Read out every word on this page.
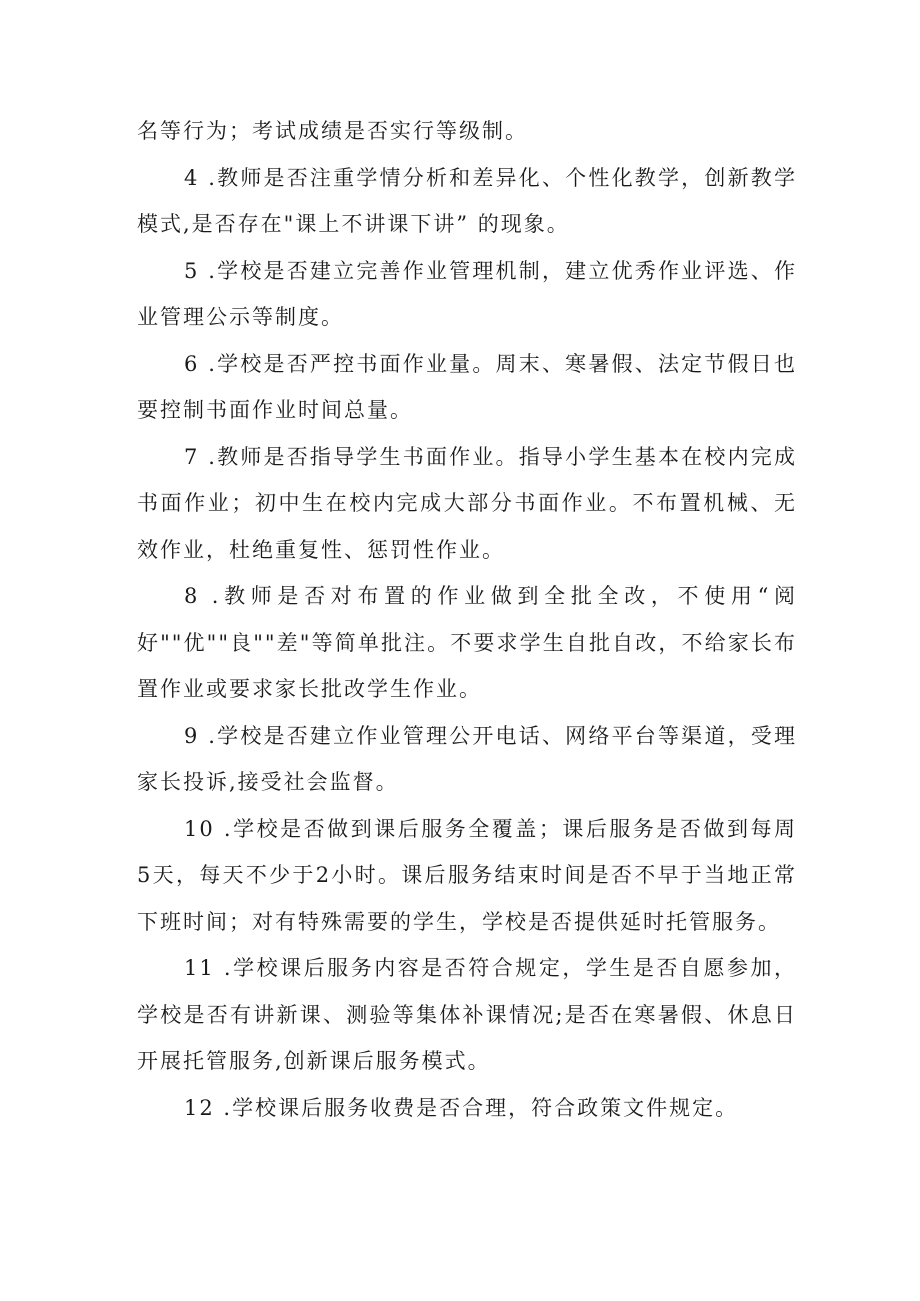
名等行为；考试成绩是否实行等级制。

4 .教师是否注重学情分析和差异化、个性化教学，创新教学模式,是否存在"课上不讲课下讲” 的现象。

5 .学校是否建立完善作业管理机制，建立优秀作业评选、作业管理公示等制度。

6 .学校是否严控书面作业量。周末、寒暑假、法定节假日也要控制书面作业时间总量。

7 .教师是否指导学生书面作业。指导小学生基本在校内完成书面作业；初中生在校内完成大部分书面作业。不布置机械、无效作业，杜绝重复性、惩罚性作业。

8 .教师是否对布置的作业做到全批全改，不使用“阅好""优""良""差"等简单批注。不要求学生自批自改，不给家长布置作业或要求家长批改学生作业。

9 .学校是否建立作业管理公开电话、网络平台等渠道，受理家长投诉,接受社会监督。

10 .学校是否做到课后服务全覆盖；课后服务是否做到每周5天，每天不少于2小时。课后服务结束时间是否不早于当地正常下班时间；对有特殊需要的学生，学校是否提供延时托管服务。

11 .学校课后服务内容是否符合规定，学生是否自愿参加，学校是否有讲新课、测验等集体补课情况;是否在寒暑假、休息日开展托管服务,创新课后服务模式。

12 .学校课后服务收费是否合理，符合政策文件规定。
